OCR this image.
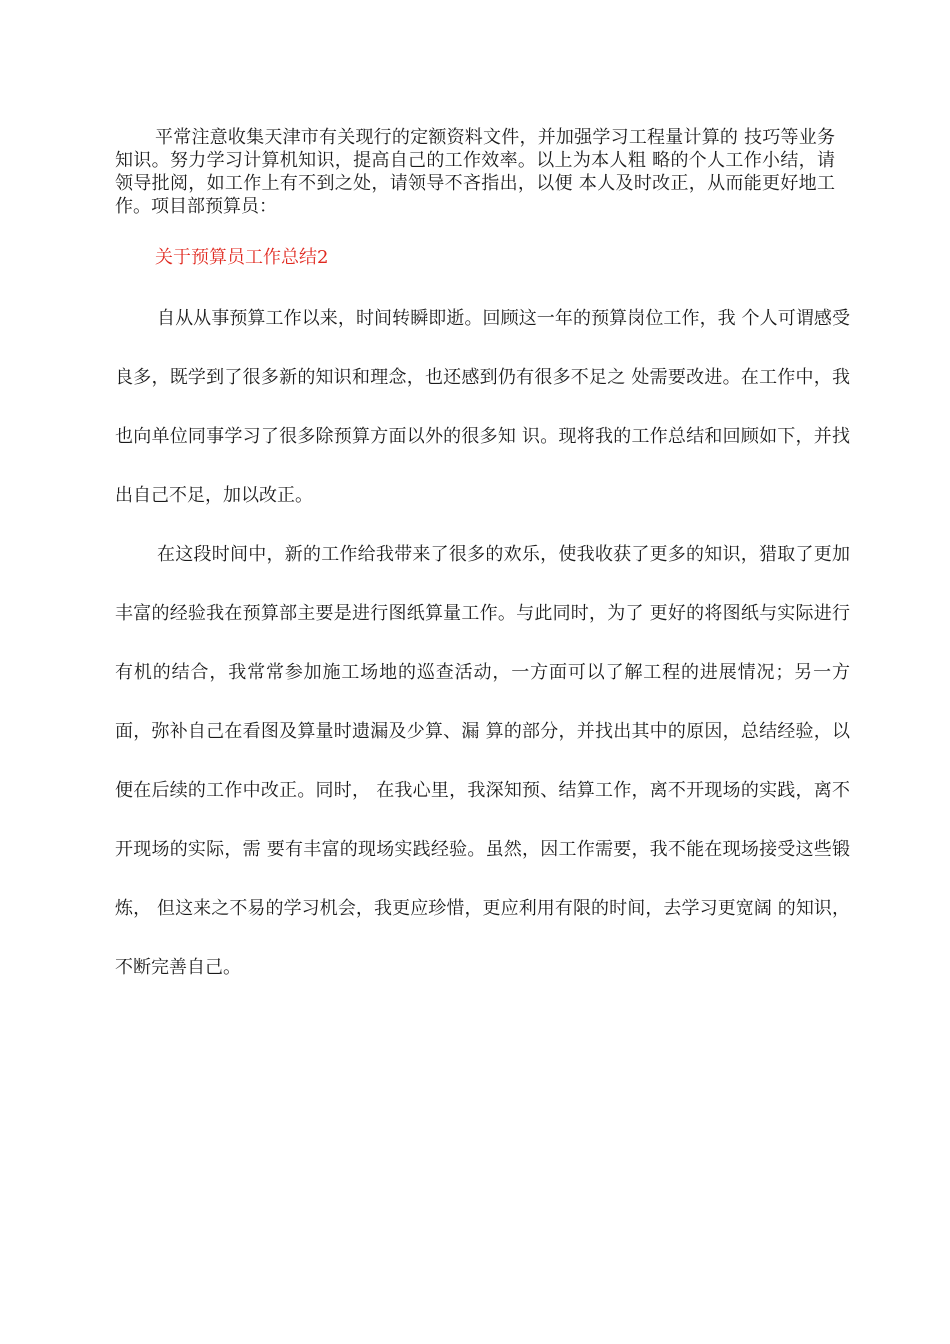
平常注意收集天津市有关现行的定额资料文件，并加强学习工程量计算的 技巧等业务知识。努力学习计算机知识，提高自己的工作效率。以上为本人粗 略的个人工作小结，请领导批阅，如工作上有不到之处，请领导不吝指出，以便 本人及时改正，从而能更好地工作。项目部预算员：

关于预算员工作总结2

自从从事预算工作以来，时间转瞬即逝。回顾这一年的预算岗位工作，我 个人可谓感受良多，既学到了很多新的知识和理念，也还感到仍有很多不足之 处需要改进。在工作中，我也向单位同事学习了很多除预算方面以外的很多知 识。现将我的工作总结和回顾如下，并找出自己不足，加以改正。

在这段时间中，新的工作给我带来了很多的欢乐，使我收获了更多的知识，猎取了更加丰富的经验我在预算部主要是进行图纸算量工作。与此同时，为了 更好的将图纸与实际进行有机的结合，我常常参加施工场地的巡查活动，一方面可以了解工程的进展情况；另一方面，弥补自己在看图及算量时遗漏及少算、漏 算的部分，并找出其中的原因，总结经验，以便在后续的工作中改正。同时， 在我心里，我深知预、结算工作，离不开现场的实践，离不开现场的实际，需 要有丰富的现场实践经验。虽然，因工作需要，我不能在现场接受这些锻炼， 但这来之不易的学习机会，我更应珍惜，更应利用有限的时间，去学习更宽阔 的知识，不断完善自己。
